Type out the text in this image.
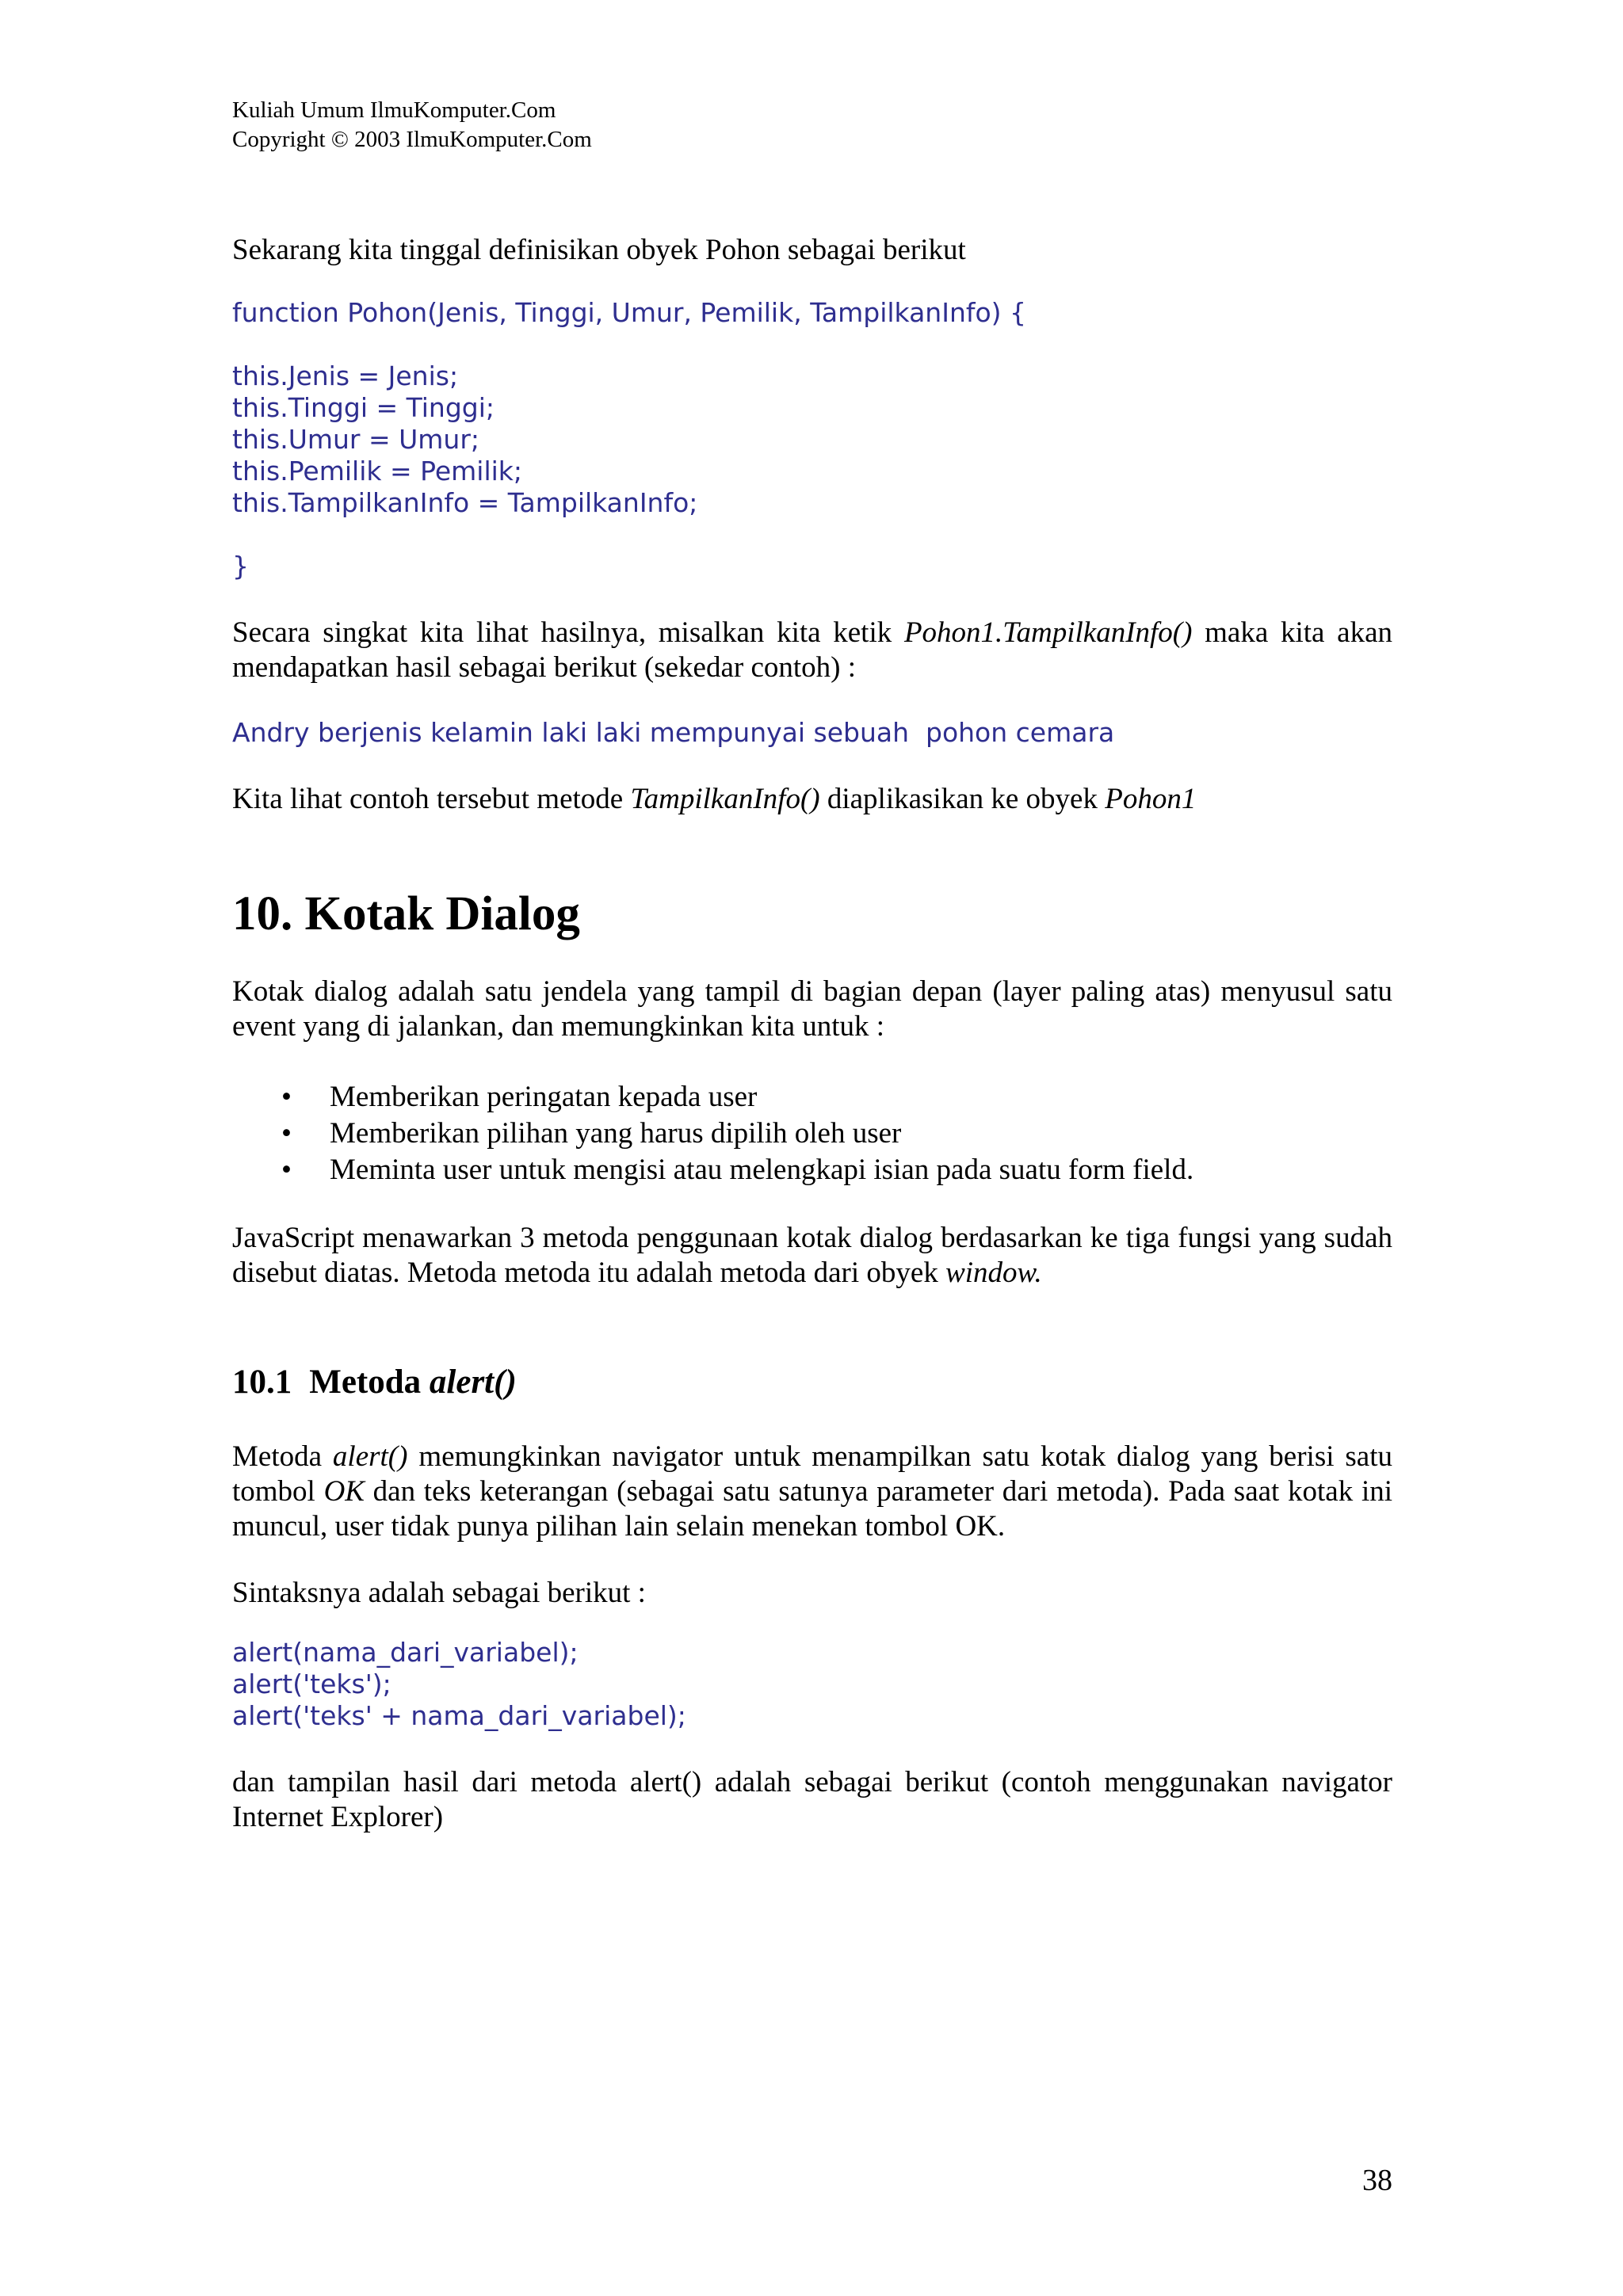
Kuliah Umum IlmuKomputer.Com
Copyright © 2003 IlmuKomputer.Com

Sekarang kita tinggal definisikan obyek Pohon sebagai berikut

function Pohon(Jenis, Tinggi, Umur, Pemilik, TampilkanInfo) {
this.Jenis = Jenis;
this.Tinggi = Tinggi;
this.Umur = Umur;
this.Pemilik = Pemilik;
this.TampilkanInfo = TampilkanInfo;
}

Secara singkat kita lihat hasilnya, misalkan kita ketik Pohon1.TampilkanInfo() maka kita akan mendapatkan hasil sebagai berikut (sekedar contoh) :

Andry berjenis kelamin laki laki mempunyai sebuah  pohon cemara

Kita lihat contoh tersebut metode TampilkanInfo() diaplikasikan ke obyek Pohon1

10. Kotak Dialog

Kotak dialog adalah satu jendela yang tampil di bagian depan (layer paling atas) menyusul satu event yang di jalankan, dan memungkinkan kita untuk :

• Memberikan peringatan kepada user
• Memberikan pilihan yang harus dipilih oleh user
• Meminta user untuk mengisi atau melengkapi isian pada suatu form field.

JavaScript menawarkan 3 metoda penggunaan kotak dialog berdasarkan ke tiga fungsi yang sudah disebut diatas. Metoda metoda itu adalah metoda dari obyek window.

10.1 Metoda alert()

Metoda alert() memungkinkan navigator untuk menampilkan satu kotak dialog yang berisi satu tombol OK dan teks keterangan (sebagai satu satunya parameter dari metoda). Pada saat kotak ini muncul, user tidak punya pilihan lain selain menekan tombol OK.

Sintaksnya adalah sebagai berikut :

alert(nama_dari_variabel);
alert('teks');
alert('teks' + nama_dari_variabel);

dan tampilan hasil dari metoda alert() adalah sebagai berikut (contoh menggunakan navigator Internet Explorer)

38
